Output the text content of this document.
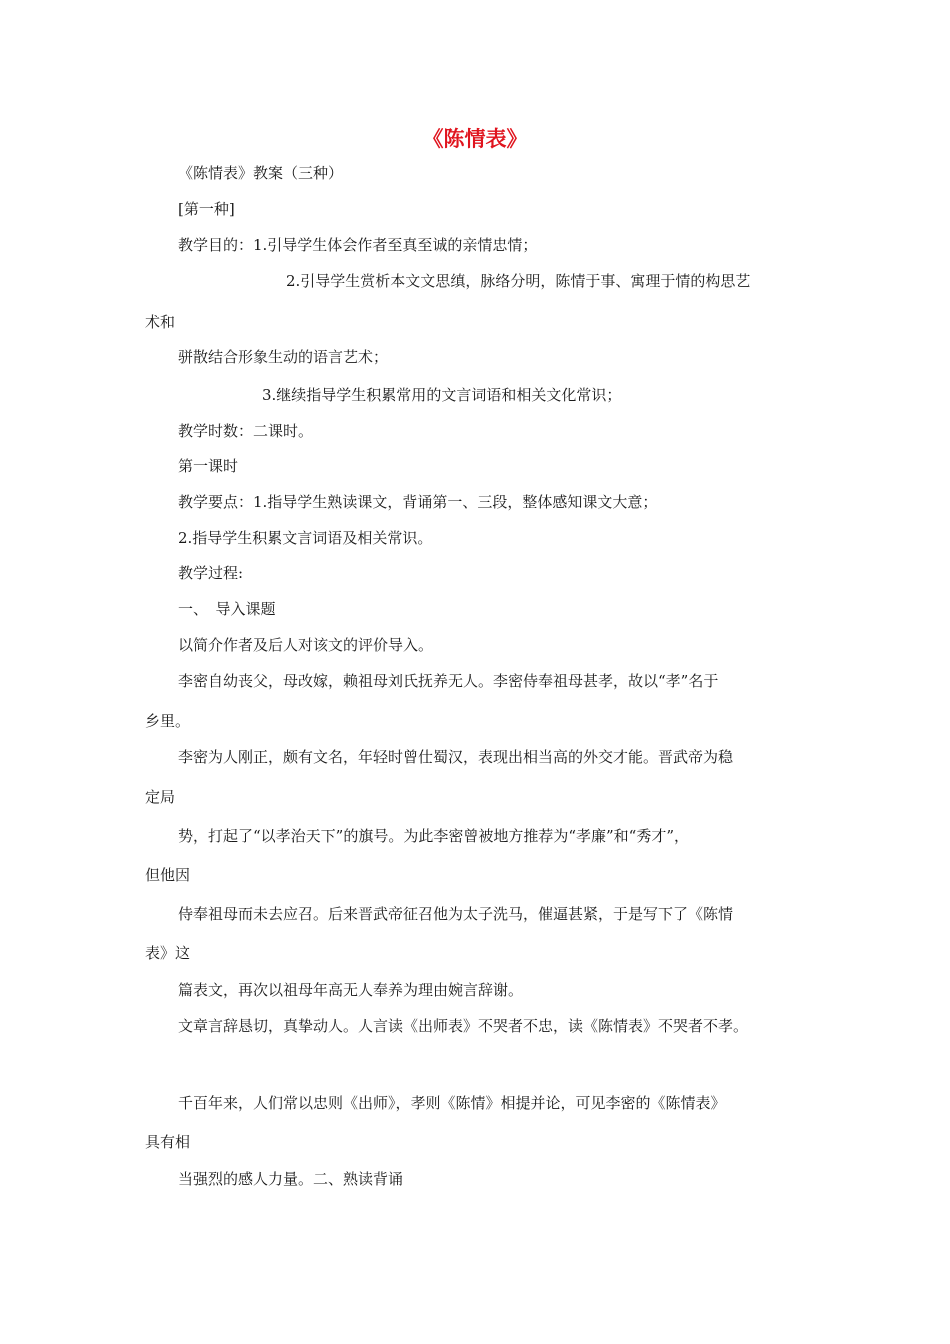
《陈情表》

《陈情表》教案（三种）

[第一种]

教学目的：1.引导学生体会作者至真至诚的亲情忠情；

2.引导学生赏析本文文思缜，脉络分明，陈情于事、寓理于情的构思艺

术和

骈散结合形象生动的语言艺术；

3.继续指导学生积累常用的文言词语和相关文化常识；

教学时数：二课时。

第一课时

教学要点：1.指导学生熟读课文，背诵第一、三段，整体感知课文大意；

2.指导学生积累文言词语及相关常识。

教学过程:

一、　导入课题

以简介作者及后人对该文的评价导入。

李密自幼丧父，母改嫁，赖祖母刘氏抚养无人。李密侍奉祖母甚孝，故以“孝”名于

乡里。

李密为人刚正，颇有文名，年轻时曾仕蜀汉，表现出相当高的外交才能。晋武帝为稳

定局

势，打起了“以孝治天下”的旗号。为此李密曾被地方推荐为“孝廉”和“秀才”，

但他因

侍奉祖母而未去应召。后来晋武帝征召他为太子洗马，催逼甚紧，于是写下了《陈情

表》这

篇表文，再次以祖母年高无人奉养为理由婉言辞谢。

文章言辞恳切，真挚动人。人言读《出师表》不哭者不忠，读《陈情表》不哭者不孝。

千百年来，人们常以忠则《出师》，孝则《陈情》相提并论，可见李密的《陈情表》

具有相

当强烈的感人力量。二、熟读背诵
